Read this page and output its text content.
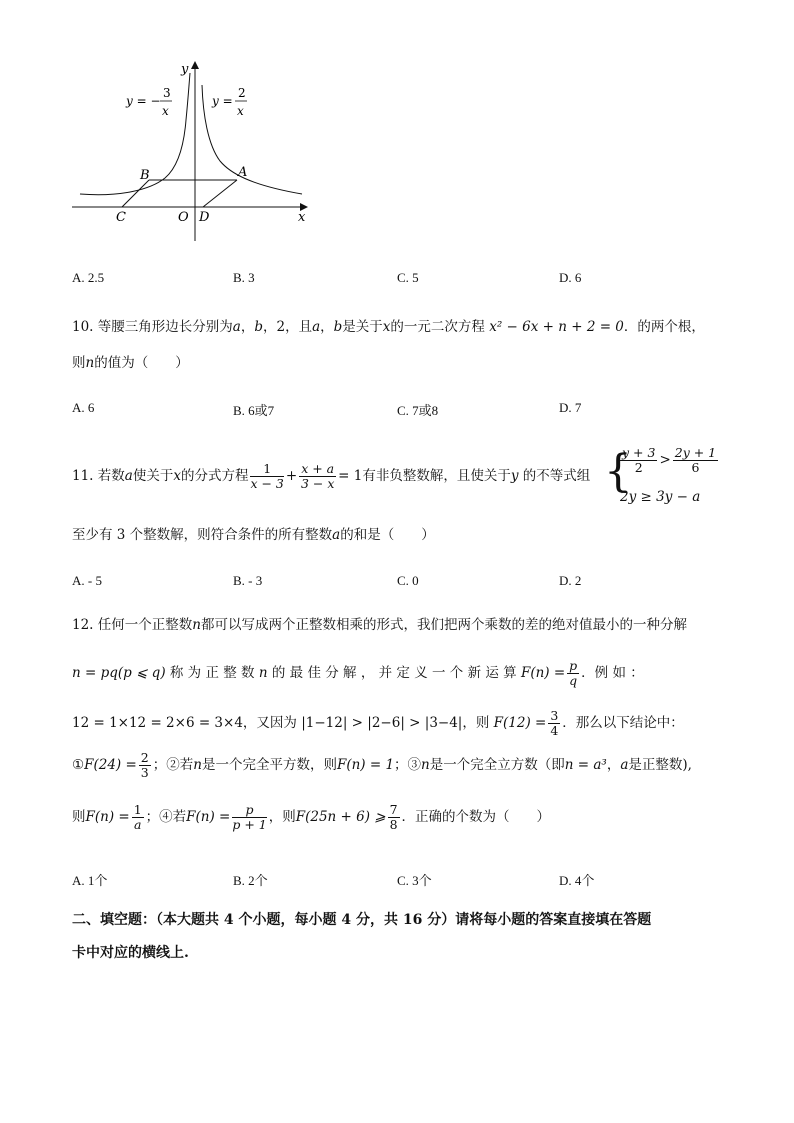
y
x
O
A
B
C	D
y = −
3
x
y =
2
x
A. 2.5	B. 3	C. 5	D. 6
10. 等腰三角形边长分别为a，b，2，且a，b是关于x的一元二次方程 x² − 6x + n + 2 = 0．的两个根，
则n的值为（　　）
A. 6	B. 6或7	C. 7或8	D. 7
11. 若数a使关于x的分式方程 $\frac{1}{x - 3} + \frac{x + a}{3 - x} = 1$有非负整数解，且使关于y 的不等式组 {
$\frac{y + 3}{2} > \frac{2y + 1}{6}$
2y ≥ 3y − a
至少有 3 个整数解，则符合条件的所有整数a的和是（　　）
A. - 5	B. - 3	C. 0	D. 2
12. 任何一个正整数n都可以写成两个正整数相乘的形式，我们把两个乘数的差的绝对值最小的一种分解
n = pq(p ⩽ q) 称 为 正 整 数 n 的 最 佳 分 解 ， 并 定 义 一 个 新 运 算 $F(n) = \frac{p}{q}$ ．例 如 ：
12 = 1×12 = 2×6 = 3×4，又因为 |1−12| > |2−6| > |3−4|，则 $F(12) = \frac{3}{4}$ ．那么以下结论中：
①F(24) = $\frac{2}{3}$ ；②若n是一个完全平方数，则F(n) = 1；③n是一个完全立方数（即n = a³，a是正整数),
则$F(n) = \frac{1}{a}$ ；④若$F(n) = \frac{p}{p + 1}$ ，则F(25n + 6) ⩾ $\frac{7}{8}$ ．正确的个数为（　　）
A. 1个	B. 2个	C. 3个	D. 4个
二、填空题：（本大题共 4 个小题，每小题 4 分，共 16 分）请将每小题的答案直接填在答题
卡中对应的横线上.
